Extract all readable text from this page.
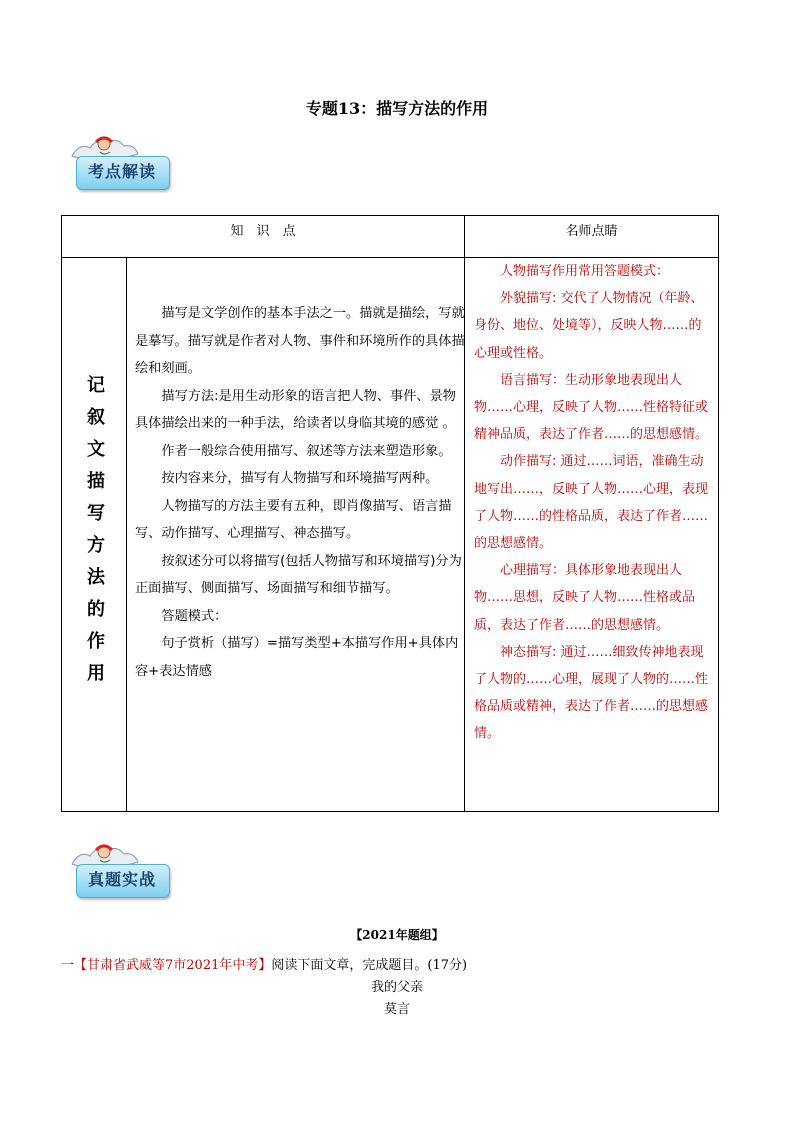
专题13：描写方法的作用
考点解读
知　识　点	名师点睛
记叙文描写方法的作用

描写是文学创作的基本手法之一。描就是描绘，写就是摹写。描写就是作者对人物、事件和环境所作的具体描绘和刻画。

描写方法:是用生动形象的语言把人物、事件、景物具体描绘出来的一种手法，给读者以身临其境的感觉 。

作者一般综合使用描写、叙述等方法来塑造形象。

按内容来分，描写有人物描写和环境描写两种。

人物描写的方法主要有五种，即肖像描写、语言描写、动作描写、心理描写、神态描写。

按叙述分可以将描写(包括人物描写和环境描写)分为正面描写、侧面描写、场面描写和细节描写。

答题模式：

句子赏析（描写）=描写类型+本描写作用+具体内容+表达情感

人物描写作用常用答题模式：

外貌描写: 交代了人物情况（年龄、身份、地位、处境等），反映人物……的心理或性格。

语言描写：生动形象地表现出人物……心理，反映了人物……性格特征或精神品质，表达了作者……的思想感情。

动作描写: 通过……词语，准确生动地写出……，反映了人物……心理，表现了人物……的性格品质，表达了作者……的思想感情。

心理描写：具体形象地表现出人物……思想，反映了人物……性格或品质，表达了作者……的思想感情。

神态描写: 通过……细致传神地表现了人物的……心理，展现了人物的……性格品质或精神，表达了作者……的思想感情。

真题实战
【2021年题组】
一【甘肃省武威等7市2021年中考】阅读下面文章，完成题目。(17分)
我的父亲
莫言
